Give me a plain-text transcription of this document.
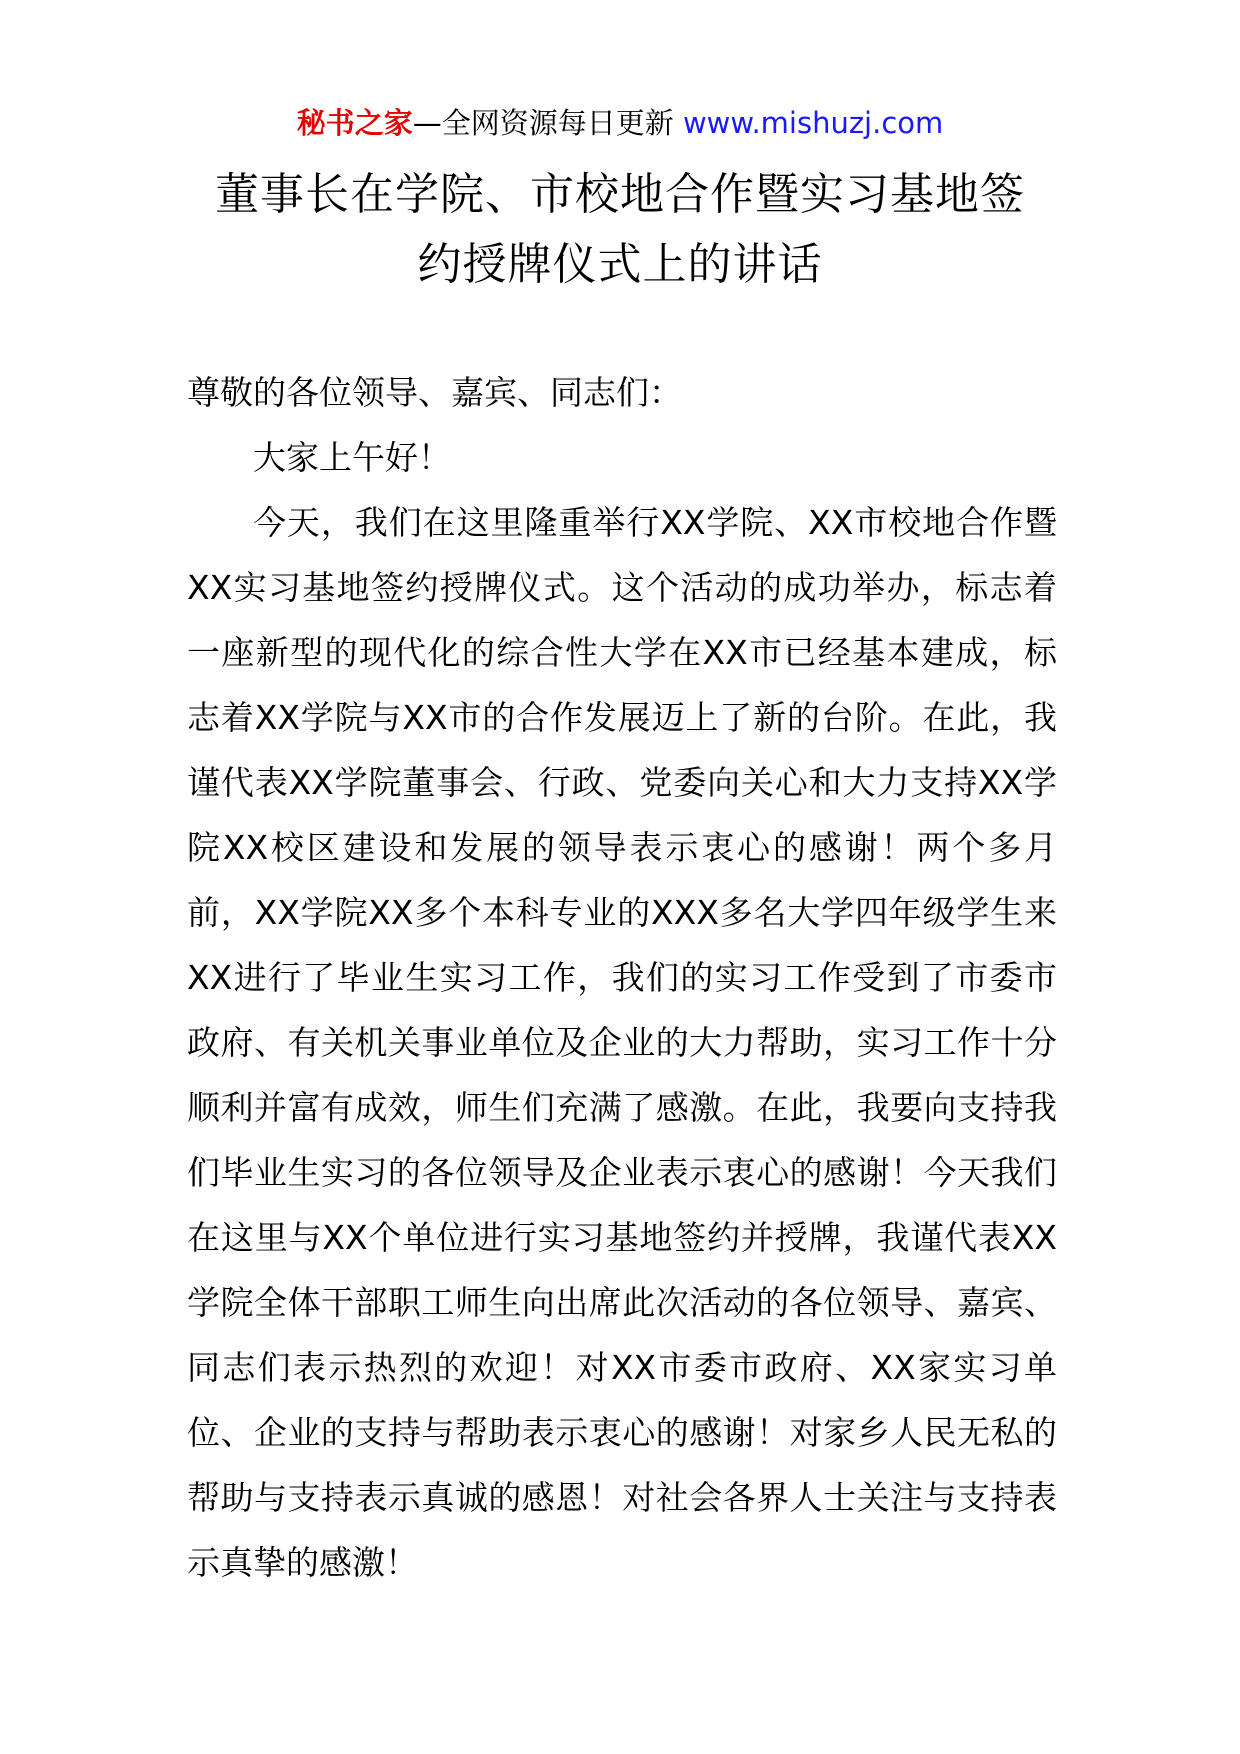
秘书之家—全网资源每日更新 www.mishuzj.com
董事长在学院、市校地合作暨实习基地签
约授牌仪式上的讲话

尊敬的各位领导、嘉宾、同志们：

大家上午好！

今天，我们在这里隆重举行XX学院、XX市校地合作暨XX实习基地签约授牌仪式。这个活动的成功举办，标志着一座新型的现代化的综合性大学在XX市已经基本建成，标志着XX学院与XX市的合作发展迈上了新的台阶。在此，我谨代表XX学院董事会、行政、党委向关心和大力支持XX学院XX校区建设和发展的领导表示衷心的感谢！两个多月前，XX学院XX多个本科专业的XXX多名大学四年级学生来XX进行了毕业生实习工作，我们的实习工作受到了市委市政府、有关机关事业单位及企业的大力帮助，实习工作十分顺利并富有成效，师生们充满了感激。在此，我要向支持我们毕业生实习的各位领导及企业表示衷心的感谢！今天我们在这里与XX个单位进行实习基地签约并授牌，我谨代表XX学院全体干部职工师生向出席此次活动的各位领导、嘉宾、同志们表示热烈的欢迎！对XX市委市政府、XX家实习单位、企业的支持与帮助表示衷心的感谢！对家乡人民无私的帮助与支持表示真诚的感恩！对社会各界人士关注与支持表示真挚的感激！
